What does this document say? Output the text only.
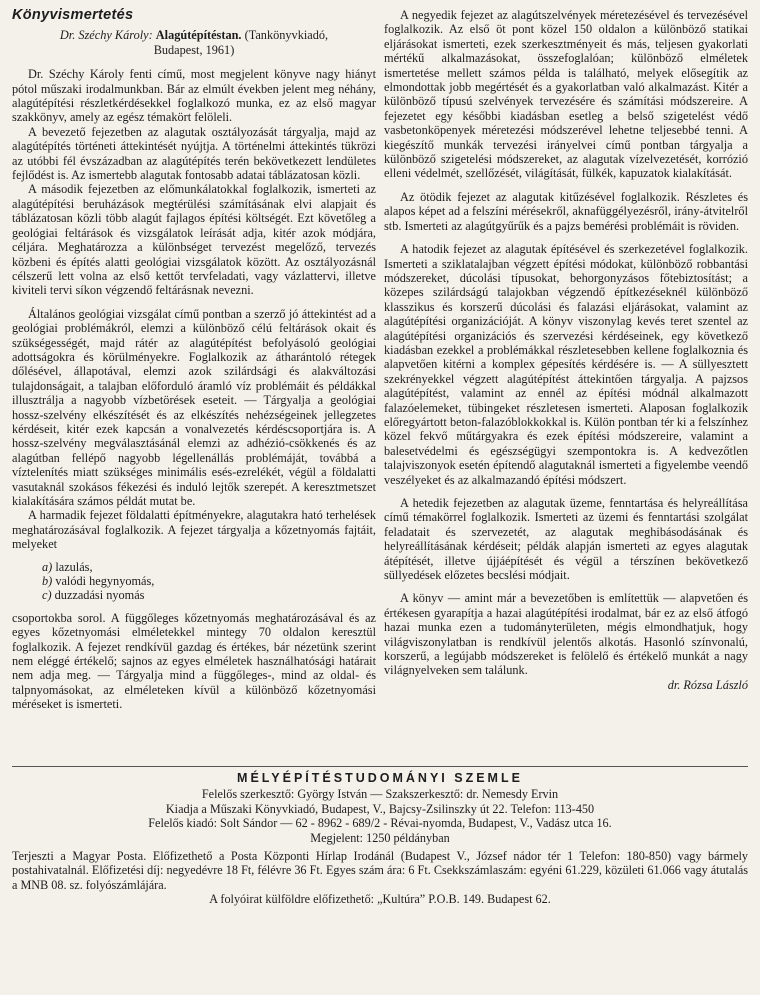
Könyvismertetés
Dr. Széchy Károly: Alagútépítéstan. (Tankönyvkiadó,
Budapest, 1961)

Dr. Széchy Károly fenti című, most megjelent könyve nagy hiányt pótol műszaki irodalmunkban. Bár az elmúlt években jelent meg néhány, alagútépítési részletkérdésekkel foglalkozó munka, ez az első magyar szakkönyv, amely az egész témakört felöleli.

A bevezető fejezetben az alagutak osztályozását tárgyalja, majd az alagútépítés történeti áttekintését nyújtja. A történelmi áttekintés tükrözi az utóbbi fél évszázadban az alagútépítés terén bekövetkezett lendületes fejlődést is. Az ismertebb alagutak fontosabb adatai táblázatosan közli.

A második fejezetben az előmunkálatokkal foglalkozik, ismerteti az alagútépítési beruházások megtérülési számításának elvi alapjait és táblázatosan közli több alagút fajlagos építési költségét. Ezt követőleg a geológiai feltárások és vizsgálatok leírását adja, kitér azok módjára, céljára. Meghatározza a különbséget tervezést megelőző, tervezés közbeni és építés alatti geológiai vizsgálatok között. Az osztályozásnál célszerű lett volna az első kettőt tervfeladati, vagy vázlattervi, illetve kiviteli tervi síkon végzendő feltárásnak nevezni.

Általános geológiai vizsgálat című pontban a szerző jó áttekintést ad a geológiai problémákról, elemzi a különböző célú feltárások okait és szükségességét, majd rátér az alagútépítést befolyásoló geológiai adottságokra és körülményekre. Foglalkozik az átharántoló rétegek dőlésével, állapotával, elemzi azok szilárdsági és alakváltozási tulajdonságait, a talajban előforduló áramló víz problémáit és példákkal illusztrálja a nagyobb vízbetörések eseteit. — Tárgyalja a geológiai hossz-szelvény elkészítését és az elkészítés nehézségeinek jellegzetes kérdéseit, kitér ezek kapcsán a vonalvezetés kérdéscsoportjára is. A hossz-szelvény megválasztásánál elemzi az adhézió-csökkenés és az alagútban fellépő nagyobb légellenállás problémáját, továbbá a víztelenítés miatt szükséges minimális esés-ezrelékét, végül a földalatti vasutaknál szokásos fékezési és induló lejtők szerepét. A keresztmetszet kialakítására számos példát mutat be.

A harmadik fejezet földalatti építményekre, alagutakra ható terhelések meghatározásával foglalkozik. A fejezet tárgyalja a kőzetnyomás fajtáit, melyeket

a) lazulás,
b) valódi hegynyomás,
c) duzzadási nyomás

csoportokba sorol. A függőleges kőzetnyomás meghatározásával és az egyes kőzetnyomási elméletekkel mintegy 70 oldalon keresztül foglalkozik. A fejezet rendkívül gazdag és értékes, bár nézetünk szerint nem eléggé értékelő; sajnos az egyes elméletek használhatósági határait nem adja meg. — Tárgyalja mind a függőleges-, mind az oldal- és talpnyomásokat, az elméleteken kívül a különböző kőzetnyomási méréseket is ismerteti.

A negyedik fejezet az alagútszelvények méretezésével és tervezésével foglalkozik. Az első öt pont közel 150 oldalon a különböző statikai eljárásokat ismerteti, ezek szerkesztményeit és más, teljesen gyakorlati mértékű alkalmazásokat, összefoglalóan; különböző elméletek ismertetése mellett számos példa is található, melyek elősegítik az elmondottak jobb megértését és a gyakorlatban való alkalmazást. Kitér a különböző típusú szelvények tervezésére és számítási módszereire. A fejezetet egy későbbi kiadásban esetleg a belső szigetelést védő vasbetonköpenyek méretezési módszerével lehetne teljesebbé tenni. A kiegészítő munkák tervezési irányelvei című pontban tárgyalja a különböző szigetelési módszereket, az alagutak vízelvezetését, korrózió elleni védelmét, szellőzését, világítását, fülkék, kapuzatok kialakítását.

Az ötödik fejezet az alagutak kitűzésével foglalkozik. Részletes és alapos képet ad a felszíni mérésekről, aknafüggélyezésről, irány-átvitelről stb. Ismerteti az alagútgyűrűk és a pajzs bemérési problémáit is röviden.

A hatodik fejezet az alagutak építésével és szerkezetével foglalkozik. Ismerteti a sziklatalajban végzett építési módokat, különböző robbantási módszereket, dúcolási típusokat, behorgonyzásos főtebiztosítást; a közepes szilárdságú talajokban végzendő építkezéseknél különböző klasszikus és korszerű dúcolási és falazási eljárásokat, valamint az alagútépítési organizációját. A könyv viszonylag kevés teret szentel az alagútépítési organizációs és szervezési kérdéseinek, egy következő kiadásban ezekkel a problémákkal részletesebben kellene foglalkoznia és alapvetően kitérni a komplex gépesítés kérdésére is. — A süllyesztett szekrényekkel végzett alagútépítést áttekintően tárgyalja. A pajzsos alagútépítést, valamint az ennél az építési módnál alkalmazott falazóelemeket, tübingeket részletesen ismerteti. Alaposan foglalkozik előregyártott beton-falazóblokkokkal is. Külön pontban tér ki a felszínhez közel fekvő műtárgyakra és ezek építési módszereire, valamint a balesetvédelmi és egészségügyi szempontokra is. A kedvezőtlen talajviszonyok esetén építendő alagutaknál ismerteti a figyelembe veendő veszélyeket és az alkalmazandó építési módszert.

A hetedik fejezetben az alagutak üzeme, fenntartása és helyreállítása című témakörrel foglalkozik. Ismerteti az üzemi és fenntartási szolgálat feladatait és szervezetét, az alagutak meghibásodásának és helyreállításának kérdéseit; példák alapján ismerteti az egyes alagutak átépítését, illetve újjáépítését és végül a térszínen bekövetkező süllyedések előzetes becslési módjait.

A könyv — amint már a bevezetőben is említettük — alapvetően és értékesen gyarapítja a hazai alagútépítési irodalmat, bár ez az első átfogó hazai munka ezen a tudományterületen, mégis elmondhatjuk, hogy világviszonylatban is rendkívül jelentős alkotás. Hasonló színvonalú, korszerű, a legújabb módszereket is felölelő és értékelő munkát a nagy világnyelveken sem találunk.

dr. Rózsa László
MÉLYÉPÍTÉSTUDOMÁNYI SZEMLE
Felelős szerkesztő: György István — Szakszerkesztő: dr. Nemesdy Ervin
Kiadja a Műszaki Könyvkiadó, Budapest, V., Bajcsy-Zsilinszky út 22. Telefon: 113-450
Felelős kiadó: Solt Sándor — 62 - 8962 - 689/2 - Révai-nyomda, Budapest, V., Vadász utca 16.
Megjelent: 1250 példányban
Terjeszti a Magyar Posta. Előfizethető a Posta Központi Hírlap Irodánál (Budapest V., József nádor tér 1 Telefon: 180-850) vagy bármely postahivatalnál. Előfizetési díj: negyedévre 18 Ft, félévre 36 Ft. Egyes szám ára: 6 Ft. Csekkszámlaszám: egyéni 61.229, közületi 61.066 vagy átutalás a MNB 08. sz. folyószámlájára.
A folyóirat külföldre előfizethető: „Kultúra” P.O.B. 149. Budapest 62.
